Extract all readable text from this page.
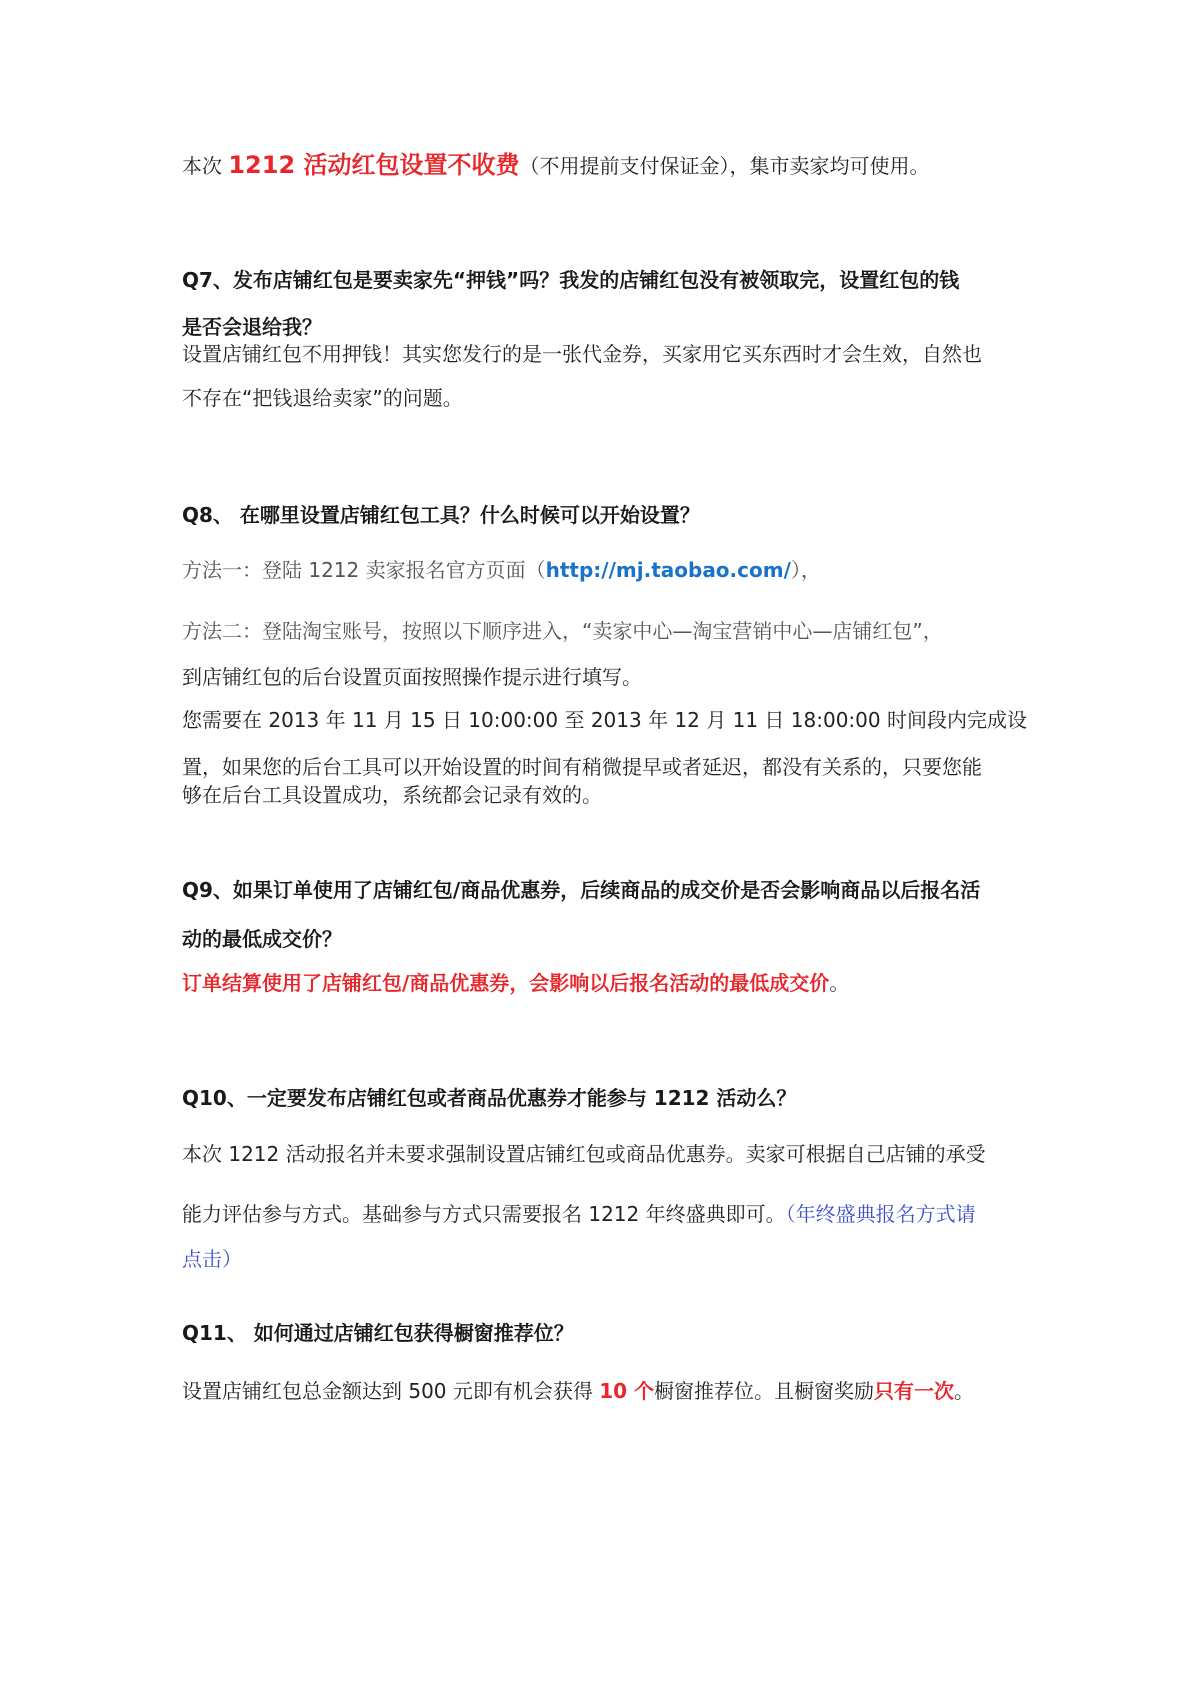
本次 1212 活动红包设置不收费（不用提前支付保证金），集市卖家均可使用。
Q7、发布店铺红包是要卖家先“押钱”吗？我发的店铺红包没有被领取完，设置红包的钱
是否会退给我？
设置店铺红包不用押钱！其实您发行的是一张代金券，买家用它买东西时才会生效，自然也
不存在“把钱退给卖家”的问题。
Q8、 在哪里设置店铺红包工具？什么时候可以开始设置？
方法一：登陆 1212 卖家报名官方页面（http://mj.taobao.com/），
方法二：登陆淘宝账号，按照以下顺序进入，“卖家中心—淘宝营销中心—店铺红包”，
到店铺红包的后台设置页面按照操作提示进行填写。
您需要在 2013 年 11 月 15 日 10:00:00 至 2013 年 12 月 11 日 18:00:00 时间段内完成设
置，如果您的后台工具可以开始设置的时间有稍微提早或者延迟，都没有关系的，只要您能
够在后台工具设置成功，系统都会记录有效的。
Q9、如果订单使用了店铺红包/商品优惠券，后续商品的成交价是否会影响商品以后报名活
动的最低成交价？
订单结算使用了店铺红包/商品优惠券，会影响以后报名活动的最低成交价。
Q10、一定要发布店铺红包或者商品优惠券才能参与 1212 活动么？
本次 1212 活动报名并未要求强制设置店铺红包或商品优惠券。卖家可根据自己店铺的承受
能力评估参与方式。基础参与方式只需要报名 1212 年终盛典即可。（年终盛典报名方式请
点击）
Q11、 如何通过店铺红包获得橱窗推荐位？
设置店铺红包总金额达到 500 元即有机会获得 10 个橱窗推荐位。且橱窗奖励只有一次。
